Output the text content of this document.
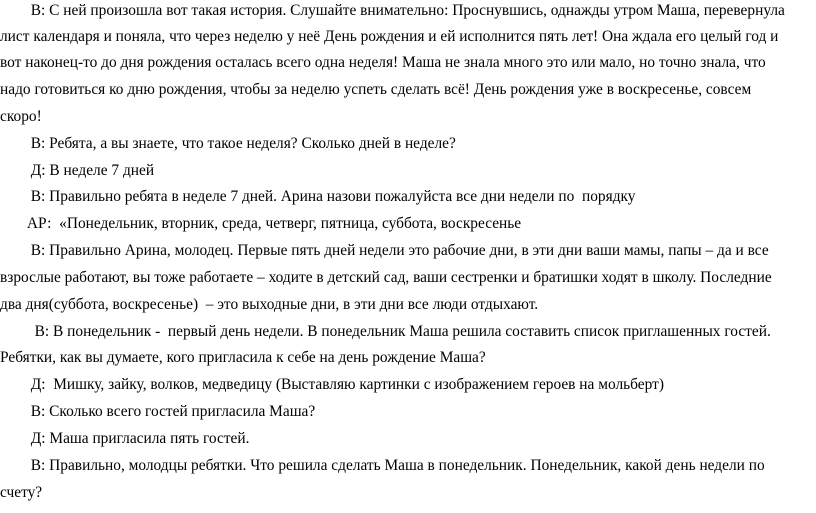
В: С ней произошла вот такая история. Слушайте внимательно: Проснувшись, однажды утром Маша, перевернула
лист календаря и поняла, что через неделю у неё День рождения и ей исполнится пять лет! Она ждала его целый год и
вот наконец-то до дня рождения осталась всего одна неделя! Маша не знала много это или мало, но точно знала, что
надо готовиться ко дню рождения, чтобы за неделю успеть сделать всё! День рождения уже в воскресенье, совсем
скоро!
В: Ребята, а вы знаете, что такое неделя? Сколько дней в неделе?
Д: В неделе 7 дней
В: Правильно ребята в неделе 7 дней. Арина назови пожалуйста все дни недели по  порядку
АР:  «Понедельник, вторник, среда, четверг, пятница, суббота, воскресенье
В: Правильно Арина, молодец. Первые пять дней недели это рабочие дни, в эти дни ваши мамы, папы – да и все
взрослые работают, вы тоже работаете – ходите в детский сад, ваши сестренки и братишки ходят в школу. Последние
два дня(суббота, воскресенье)  – это выходные дни, в эти дни все люди отдыхают.
В: В понедельник -  первый день недели. В понедельник Маша решила составить список приглашенных гостей.
Ребятки, как вы думаете, кого пригласила к себе на день рождение Маша?
Д:  Мишку, зайку, волков, медведицу (Выставляю картинки с изображением героев на мольберт)
В: Сколько всего гостей пригласила Маша?
Д: Маша пригласила пять гостей.
В: Правильно, молодцы ребятки. Что решила сделать Маша в понедельник. Понедельник, какой день недели по
счету?
